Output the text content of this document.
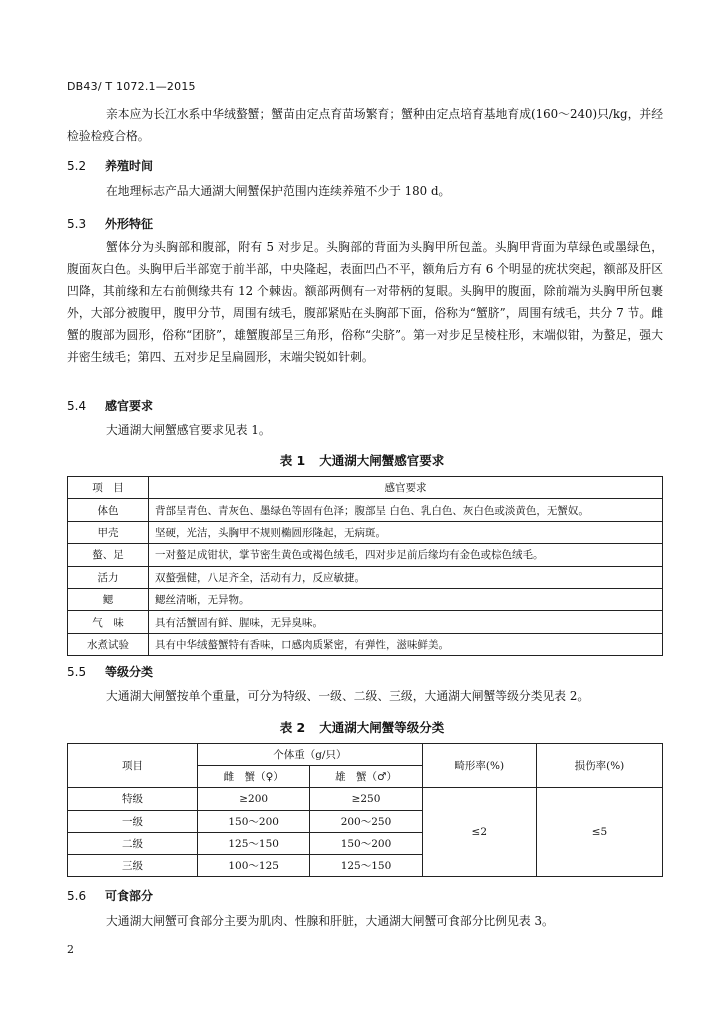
DB43/ T 1072.1—2015
亲本应为长江水系中华绒螯蟹；蟹苗由定点育苗场繁育；蟹种由定点培育基地育成(160～240)只/kg，并经检验检疫合格。
5.2 养殖时间
在地理标志产品大通湖大闸蟹保护范围内连续养殖不少于 180 d。
5.3 外形特征
蟹体分为头胸部和腹部，附有 5 对步足。头胸部的背面为头胸甲所包盖。头胸甲背面为草绿色或墨绿色，腹面灰白色。头胸甲后半部宽于前半部，中央隆起，表面凹凸不平，额角后方有 6 个明显的疣状突起，额部及肝区凹降，其前缘和左右前侧缘共有 12 个棘齿。额部两侧有一对带柄的复眼。头胸甲的腹面，除前端为头胸甲所包裹外，大部分被腹甲，腹甲分节，周围有绒毛，腹部紧贴在头胸部下面，俗称为“蟹脐”，周围有绒毛，共分 7 节。雌蟹的腹部为圆形，俗称“团脐”，雄蟹腹部呈三角形，俗称“尖脐”。第一对步足呈棱柱形，末端似钳，为螯足，强大并密生绒毛；第四、五对步足呈扁圆形，末端尖锐如针刺。
5.4 感官要求
大通湖大闸蟹感官要求见表 1。
表 1 大通湖大闸蟹感官要求
项　目	感官要求
体色	背部呈青色、青灰色、墨绿色等固有色泽；腹部呈 白色、乳白色、灰白色或淡黄色，无蟹奴。
甲壳	坚硬，光洁，头胸甲不规则椭圆形隆起，无病斑。
螯、足	一对螯足成钳状，掌节密生黄色或褐色绒毛，四对步足前后缘均有金色或棕色绒毛。
活力	双螯强健，八足齐全，活动有力，反应敏捷。
鳃	鳃丝清晰，无异物。
气　味	具有活蟹固有鲜、腥味，无异臭味。
水煮试验	具有中华绒螯蟹特有香味，口感肉质紧密，有弹性，滋味鲜美。
5.5 等级分类
大通湖大闸蟹按单个重量，可分为特级、一级、二级、三级，大通湖大闸蟹等级分类见表 2。
表 2 大通湖大闸蟹等级分类
项目	个体重（g/只）		畸形率(%)	损伤率(%)
	雌　蟹（♀）	雄　蟹（♂）		
特级	≥200	≥250	≤2	≤5
一级	150～200	200～250		
二级	125～150	150～200		
三级	100～125	125～150		
5.6 可食部分
大通湖大闸蟹可食部分主要为肌肉、性腺和肝脏，大通湖大闸蟹可食部分比例见表 3。
2
